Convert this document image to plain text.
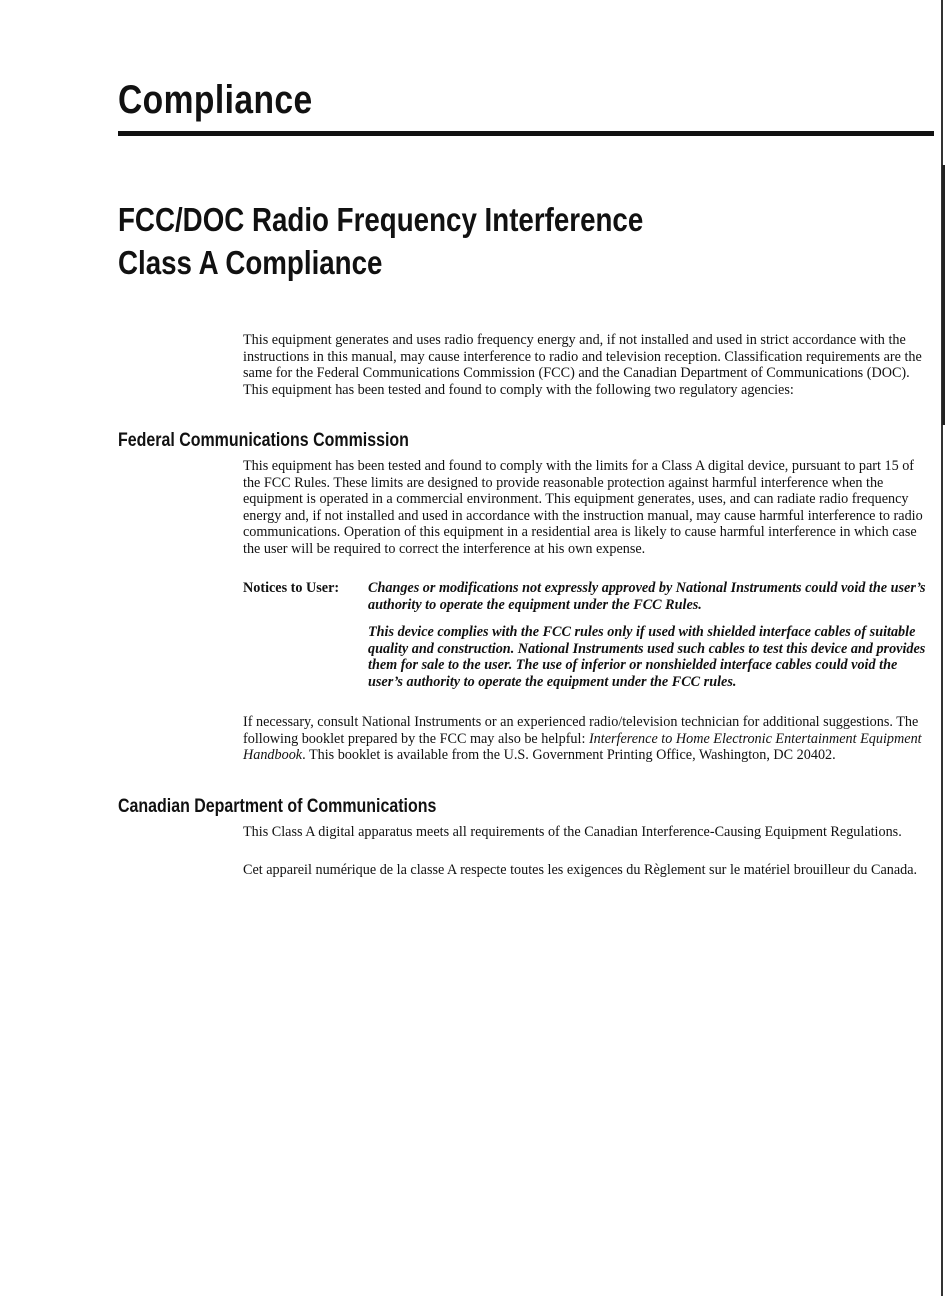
Compliance
FCC/DOC Radio Frequency Interference
Class A Compliance

This equipment generates and uses radio frequency energy and, if not installed and used in strict accordance with the instructions in this manual, may cause interference to radio and television reception. Classification requirements are the same for the Federal Communications Commission (FCC) and the Canadian Department of Communications (DOC). This equipment has been tested and found to comply with the following two regulatory agencies:

Federal Communications Commission

This equipment has been tested and found to comply with the limits for a Class A digital device, pursuant to part 15 of the FCC Rules. These limits are designed to provide reasonable protection against harmful interference when the equipment is operated in a commercial environment. This equipment generates, uses, and can radiate radio frequency energy and, if not installed and used in accordance with the instruction manual, may cause harmful interference to radio communications. Operation of this equipment in a residential area is likely to cause harmful interference in which case the user will be required to correct the interference at his own expense.

Notices to User: Changes or modifications not expressly approved by National Instruments could void the user’s authority to operate the equipment under the FCC Rules.

This device complies with the FCC rules only if used with shielded interface cables of suitable quality and construction. National Instruments used such cables to test this device and provides them for sale to the user. The use of inferior or nonshielded interface cables could void the user’s authority to operate the equipment under the FCC rules.

If necessary, consult National Instruments or an experienced radio/television technician for additional suggestions. The following booklet prepared by the FCC may also be helpful: Interference to Home Electronic Entertainment Equipment Handbook. This booklet is available from the U.S. Government Printing Office, Washington, DC 20402.

Canadian Department of Communications

This Class A digital apparatus meets all requirements of the Canadian Interference-Causing Equipment Regulations.

Cet appareil numérique de la classe A respecte toutes les exigences du Règlement sur le matériel brouilleur du Canada.
